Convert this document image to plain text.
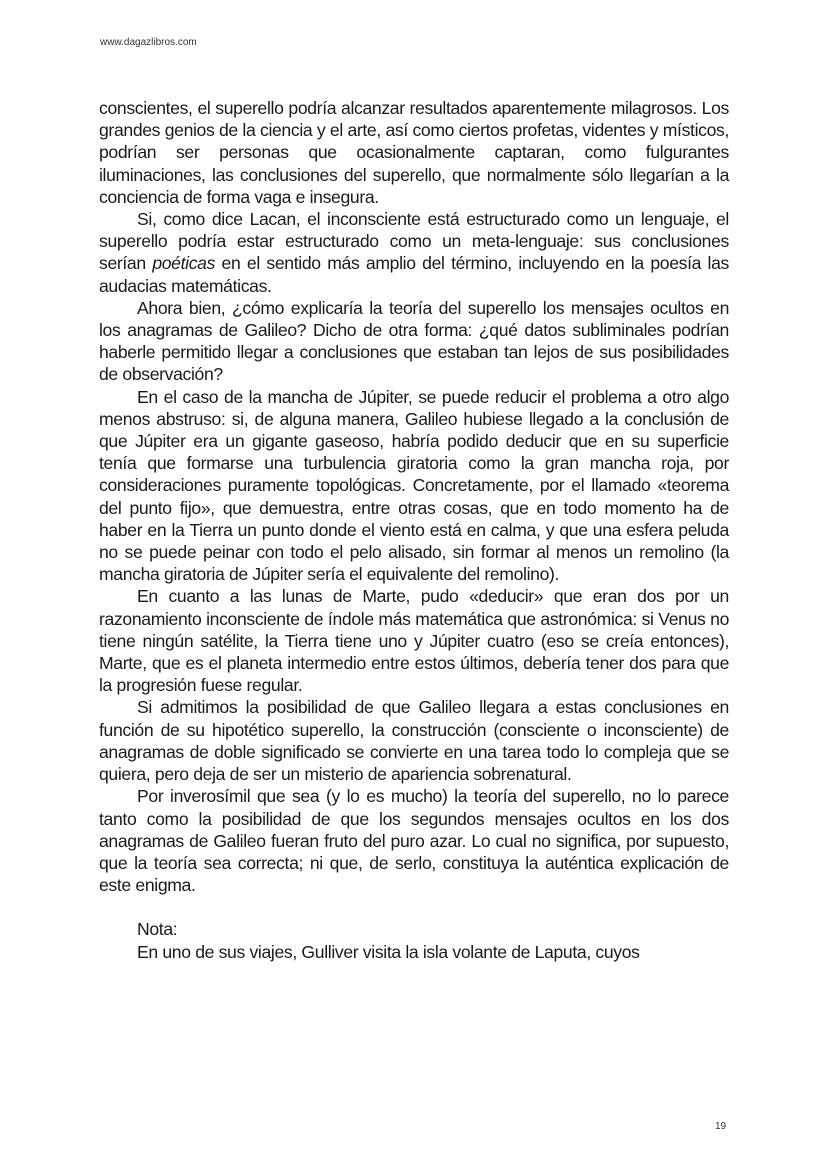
www.dagazlibros.com

conscientes, el superello podría alcanzar resultados aparentemente milagrosos. Los grandes genios de la ciencia y el arte, así como ciertos profetas, videntes y místicos, podrían ser personas que ocasionalmente captaran, como fulgurantes iluminaciones, las conclusiones del superello, que normalmente sólo llegarían a la conciencia de forma vaga e insegura.

Si, como dice Lacan, el inconsciente está estructurado como un lenguaje, el superello podría estar estructurado como un meta-lenguaje: sus conclusiones serían poéticas en el sentido más amplio del término, incluyendo en la poesía las audacias matemáticas.

Ahora bien, ¿cómo explicaría la teoría del superello los mensajes ocultos en los anagramas de Galileo? Dicho de otra forma: ¿qué datos subliminales podrían haberle permitido llegar a conclusiones que estaban tan lejos de sus posibilidades de observación?

En el caso de la mancha de Júpiter, se puede reducir el problema a otro algo menos abstruso: si, de alguna manera, Galileo hubiese llegado a la conclusión de que Júpiter era un gigante gaseoso, habría podido deducir que en su superficie tenía que formarse una turbulencia giratoria como la gran mancha roja, por consideraciones puramente topológicas. Concretamente, por el llamado «teorema del punto fijo», que demuestra, entre otras cosas, que en todo momento ha de haber en la Tierra un punto donde el viento está en calma, y que una esfera peluda no se puede peinar con todo el pelo alisado, sin formar al menos un remolino (la mancha giratoria de Júpiter sería el equivalente del remolino).

En cuanto a las lunas de Marte, pudo «deducir» que eran dos por un razonamiento inconsciente de índole más matemática que astronómica: si Venus no tiene ningún satélite, la Tierra tiene uno y Júpiter cuatro (eso se creía entonces), Marte, que es el planeta intermedio entre estos últimos, debería tener dos para que la progresión fuese regular.

Si admitimos la posibilidad de que Galileo llegara a estas conclusiones en función de su hipotético superello, la construcción (consciente o inconsciente) de anagramas de doble significado se convierte en una tarea todo lo compleja que se quiera, pero deja de ser un misterio de apariencia sobrenatural.

Por inverosímil que sea (y lo es mucho) la teoría del superello, no lo parece tanto como la posibilidad de que los segundos mensajes ocultos en los dos anagramas de Galileo fueran fruto del puro azar. Lo cual no significa, por supuesto, que la teoría sea correcta; ni que, de serlo, constituya la auténtica explicación de este enigma.

Nota:

En uno de sus viajes, Gulliver visita la isla volante de Laputa, cuyos

19
